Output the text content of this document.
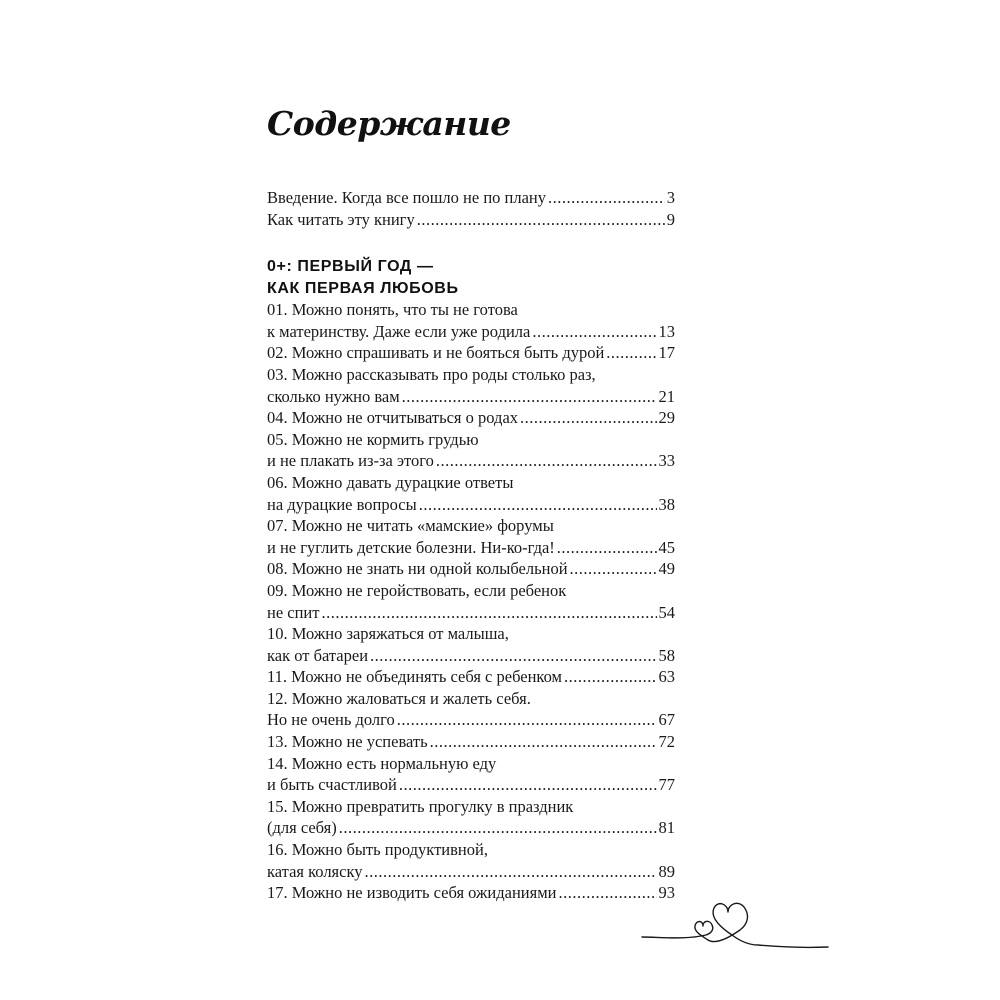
Содержание
Введение. Когда все пошло не по плану .....	3
Как читать эту книгу .....	9
0+: ПЕРВЫЙ ГОД —
КАК ПЕРВАЯ ЛЮБОВЬ
01. Можно понять, что ты не готова
к материнству. Даже если уже родила .....	13
02. Можно спрашивать и не бояться быть дурой .....	17
03. Можно рассказывать про роды столько раз,
сколько нужно вам .....	21
04. Можно не отчитываться о родах .....	29
05. Можно не кормить грудью
и не плакать из-за этого .....	33
06. Можно давать дурацкие ответы
на дурацкие вопросы .....	38
07. Можно не читать «мамские» форумы
и не гуглить детские болезни. Ни-ко-гда! .....	45
08. Можно не знать ни одной колыбельной .....	49
09. Можно не геройствовать, если ребенок
не спит .....	54
10. Можно заряжаться от малыша,
как от батареи .....	58
11. Можно не объединять себя с ребенком .....	63
12. Можно жаловаться и жалеть себя.
Но не очень долго .....	67
13. Можно не успевать .....	72
14. Можно есть нормальную еду
и быть счастливой .....	77
15. Можно превратить прогулку в праздник
(для себя) .....	81
16. Можно быть продуктивной,
катая коляску .....	89
17. Можно не изводить себя ожиданиями .....	93
